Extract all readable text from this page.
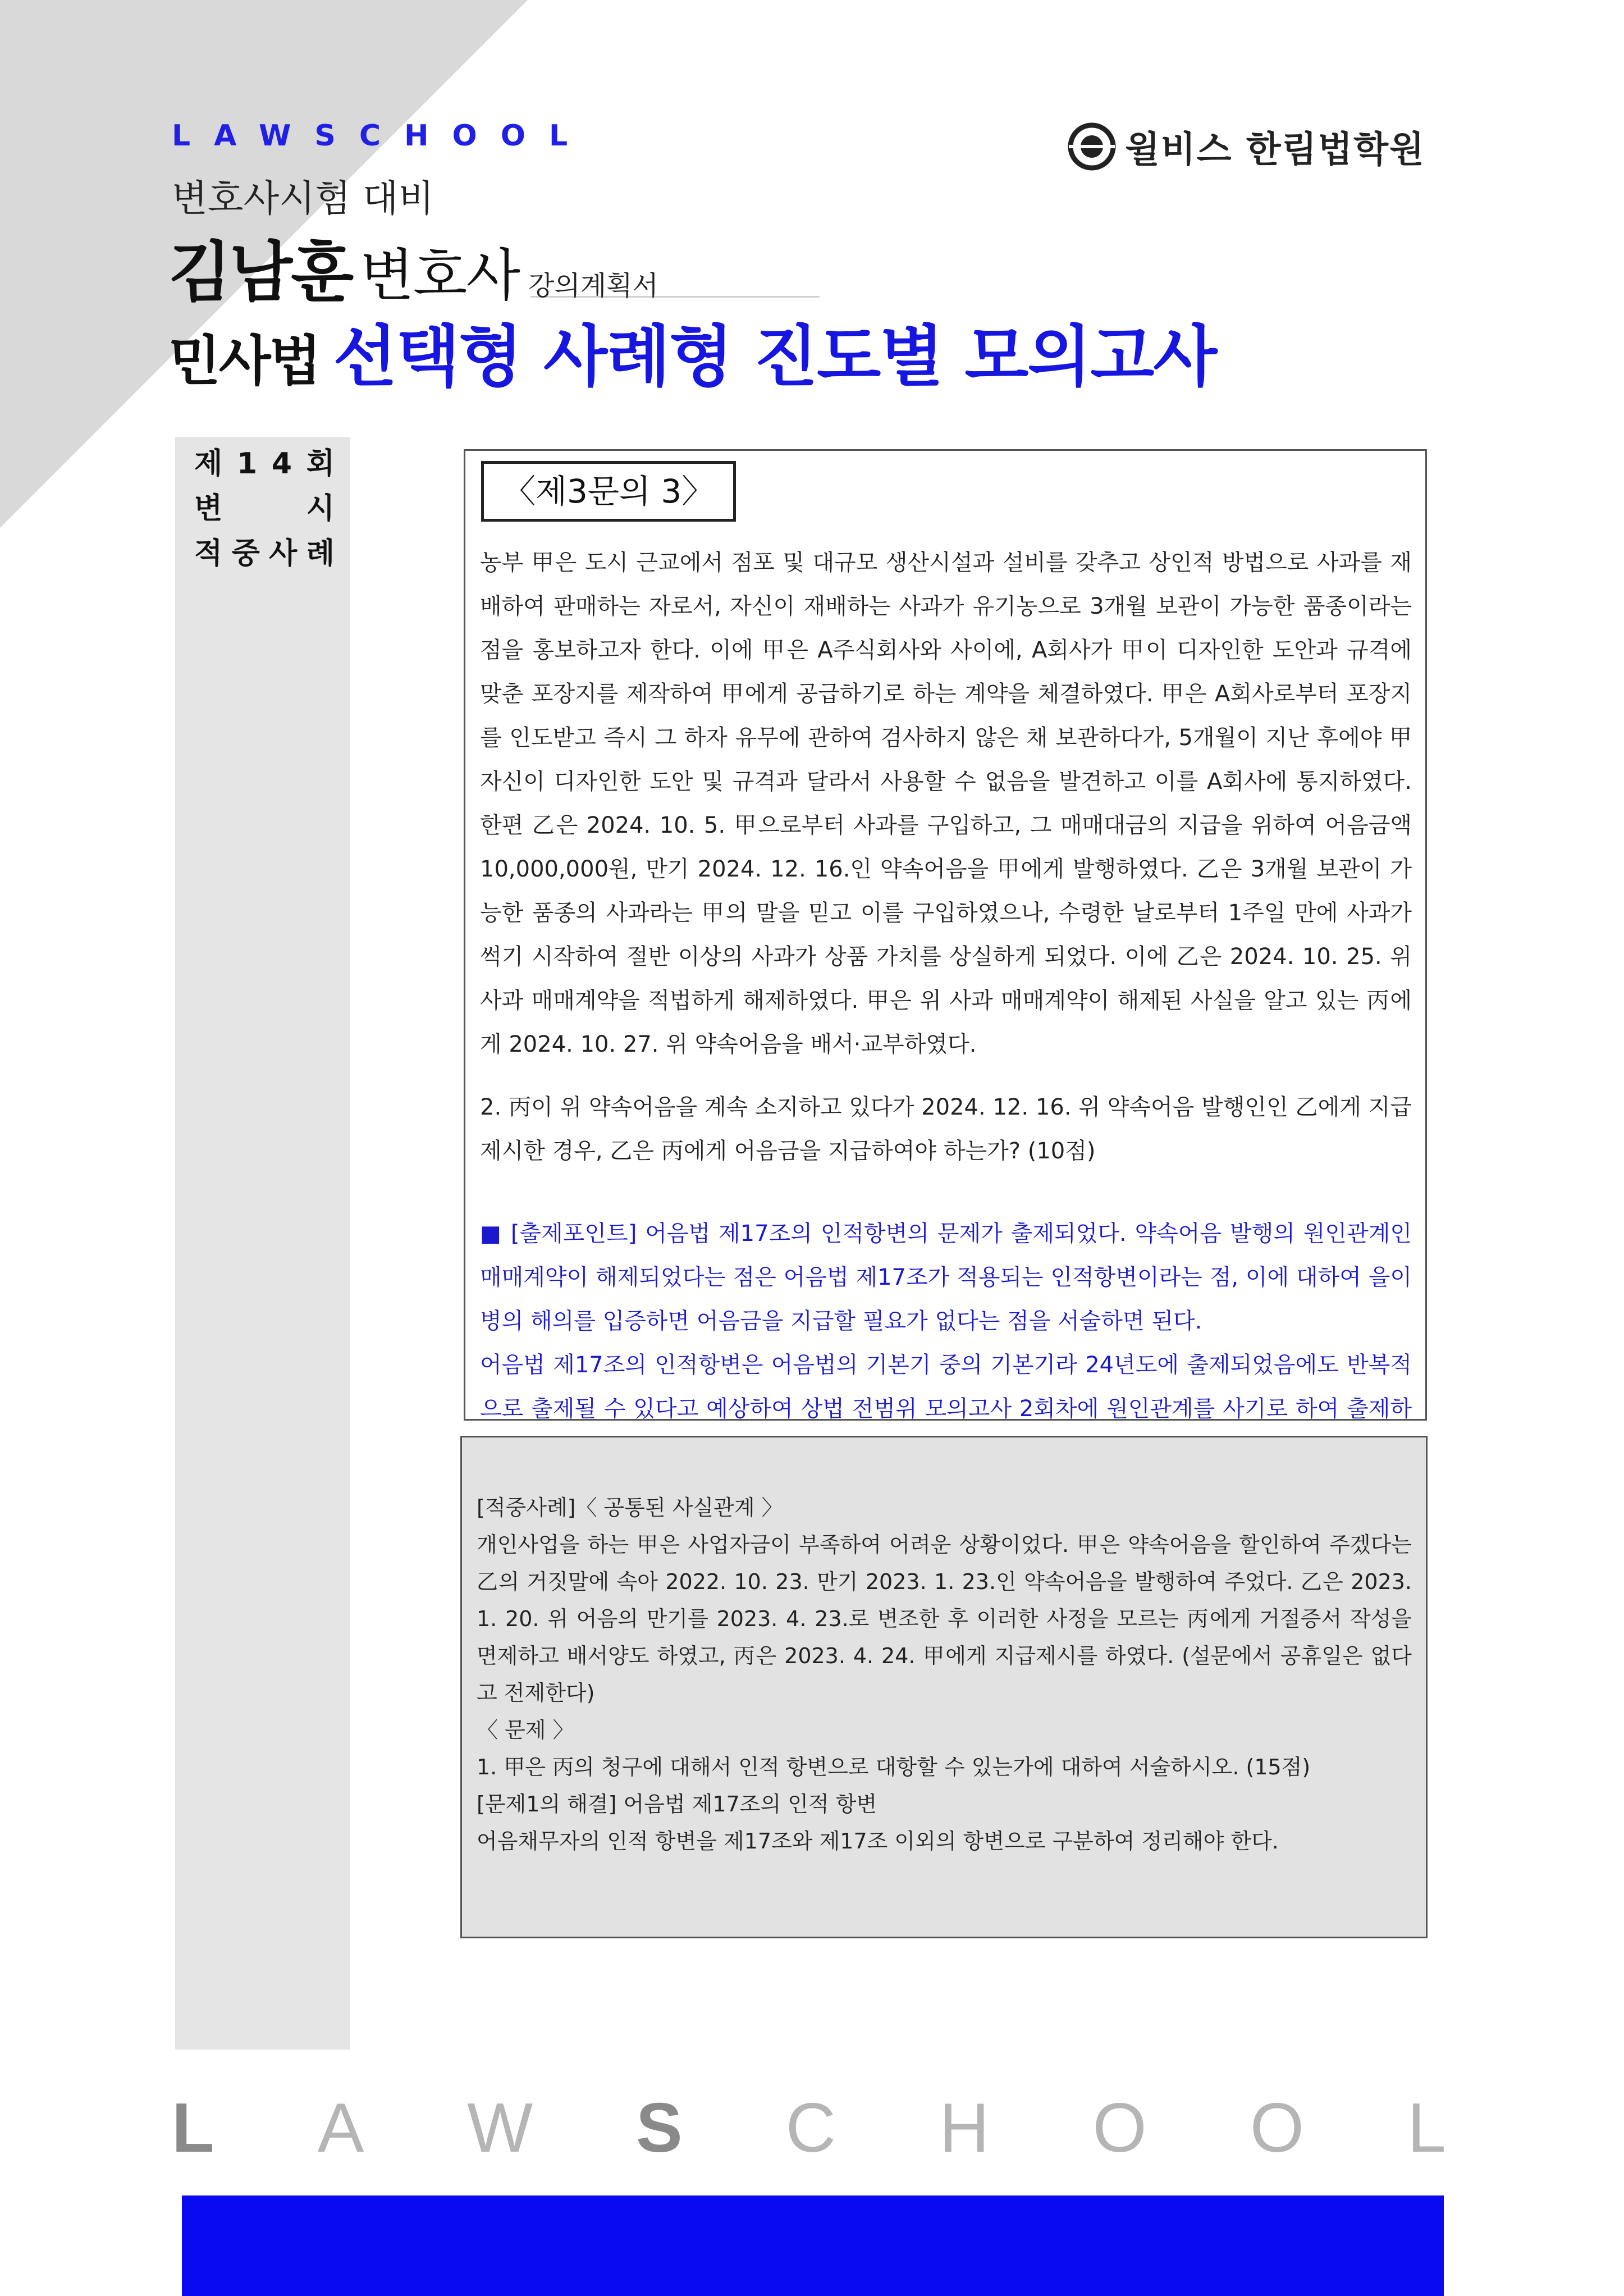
LAWSCHOOL
변호사시험 대비
김남훈 변호사 강의계획서
민사법 선택형 사례형 진도별 모의고사
윌비스 한림법학원
제 1 4 회
변	시
적 중 사 례
〈제3문의 3〉
농부 甲은 도시 근교에서 점포 및 대규모 생산시설과 설비를 갖추고 상인적 방법으로 사과를 재배하여 판매하는 자로서, 자신이 재배하는 사과가 유기농으로 3개월 보관이 가능한 품종이라는 점을 홍보하고자 한다. 이에 甲은 A주식회사와 사이에, A회사가 甲이 디자인한 도안과 규격에 맞춘 포장지를 제작하여 甲에게 공급하기로 하는 계약을 체결하였다. 甲은 A회사로부터 포장지를 인도받고 즉시 그 하자 유무에 관하여 검사하지 않은 채 보관하다가, 5개월이 지난 후에야 甲 자신이 디자인한 도안 및 규격과 달라서 사용할 수 없음을 발견하고 이를 A회사에 통지하였다. 한편 乙은 2024. 10. 5. 甲으로부터 사과를 구입하고, 그 매매대금의 지급을 위하여 어음금액 10,000,000원, 만기 2024. 12. 16.인 약속어음을 甲에게 발행하였다. 乙은 3개월 보관이 가능한 품종의 사과라는 甲의 말을 믿고 이를 구입하였으나, 수령한 날로부터 1주일 만에 사과가 썩기 시작하여 절반 이상의 사과가 상품 가치를 상실하게 되었다. 이에 乙은 2024. 10. 25. 위 사과 매매계약을 적법하게 해제하였다. 甲은 위 사과 매매계약이 해제된 사실을 알고 있는 丙에게 2024. 10. 27. 위 약속어음을 배서·교부하였다.
2. 丙이 위 약속어음을 계속 소지하고 있다가 2024. 12. 16. 위 약속어음 발행인인 乙에게 지급제시한 경우, 乙은 丙에게 어음금을 지급하여야 하는가? (10점)
■ [출제포인트] 어음법 제17조의 인적항변의 문제가 출제되었다. 약속어음 발행의 원인관계인 매매계약이 해제되었다는 점은 어음법 제17조가 적용되는 인적항변이라는 점, 이에 대하여 을이 병의 해의를 입증하면 어음금을 지급할 필요가 없다는 점을 서술하면 된다.
어음법 제17조의 인적항변은 어음법의 기본기 중의 기본기라 24년도에 출제되었음에도 반복적으로 출제될 수 있다고 예상하여 상법 전범위 모의고사 2회차에 원인관계를 사기로 하여 출제하
[적중사례]〈 공통된 사실관계 〉
개인사업을 하는 甲은 사업자금이 부족하여 어려운 상황이었다. 甲은 약속어음을 할인하여 주겠다는 乙의 거짓말에 속아 2022. 10. 23. 만기 2023. 1. 23.인 약속어음을 발행하여 주었다. 乙은 2023. 1. 20. 위 어음의 만기를 2023. 4. 23.로 변조한 후 이러한 사정을 모르는 丙에게 거절증서 작성을 면제하고 배서양도 하였고, 丙은 2023. 4. 24. 甲에게 지급제시를 하였다. (설문에서 공휴일은 없다고 전제한다)
〈 문제 〉
1. 甲은 丙의 청구에 대해서 인적 항변으로 대항할 수 있는가에 대하여 서술하시오. (15점)
[문제1의 해결] 어음법 제17조의 인적 항변
어음채무자의 인적 항변을 제17조와 제17조 이외의 항변으로 구분하여 정리해야 한다.
L A W S C H O O L
